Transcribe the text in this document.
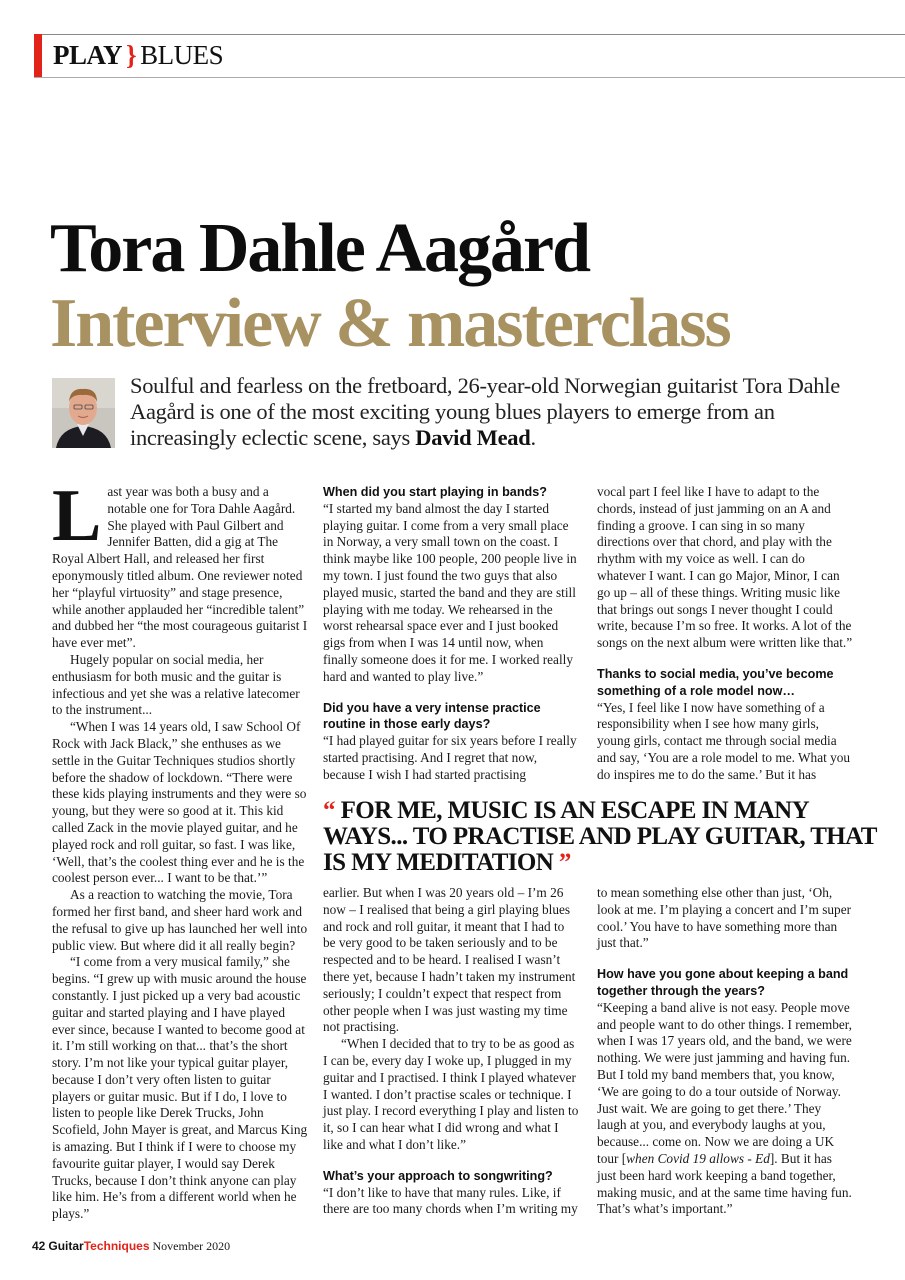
PLAY } BLUES
Tora Dahle Aagård
Interview & masterclass
Soulful and fearless on the fretboard, 26-year-old Norwegian guitarist Tora Dahle Aagård is one of the most exciting young blues players to emerge from an increasingly eclectic scene, says David Mead.

Last year was both a busy and a notable one for Tora Dahle Aagård. She played with Paul Gilbert and Jennifer Batten, did a gig at The Royal Albert Hall, and released her first eponymously titled album. One reviewer noted her “playful virtuosity” and stage presence, while another applauded her “incredible talent” and dubbed her “the most courageous guitarist I have ever met”.

Hugely popular on social media, her enthusiasm for both music and the guitar is infectious and yet she was a relative latecomer to the instrument...

“When I was 14 years old, I saw School Of Rock with Jack Black,” she enthuses as we settle in the Guitar Techniques studios shortly before the shadow of lockdown. “There were these kids playing instruments and they were so young, but they were so good at it. This kid called Zack in the movie played guitar, and he played rock and roll guitar, so fast. I was like, ‘Well, that’s the coolest thing ever and he is the coolest person ever... I want to be that.’”

As a reaction to watching the movie, Tora formed her first band, and sheer hard work and the refusal to give up has launched her well into public view. But where did it all really begin?

“I come from a very musical family,” she begins. “I grew up with music around the house constantly. I just picked up a very bad acoustic guitar and started playing and I have played ever since, because I wanted to become good at it. I’m still working on that... that’s the short story. I’m not like your typical guitar player, because I don’t very often listen to guitar players or guitar music. But if I do, I love to listen to people like Derek Trucks, John Scofield, John Mayer is great, and Marcus King is amazing. But I think if I were to choose my favourite guitar player, I would say Derek Trucks, because I don’t think anyone can play like him. He’s from a different world when he plays.”

When did you start playing in bands?

“I started my band almost the day I started playing guitar. I come from a very small place in Norway, a very small town on the coast. I think maybe like 100 people, 200 people live in my town. I just found the two guys that also played music, started the band and they are still playing with me today. We rehearsed in the worst rehearsal space ever and I just booked gigs from when I was 14 until now, when finally someone does it for me. I worked really hard and wanted to play live.”

Did you have a very intense practice routine in those early days?

“I had played guitar for six years before I really started practising. And I regret that now, because I wish I had started practising

vocal part I feel like I have to adapt to the chords, instead of just jamming on an A and finding a groove. I can sing in so many directions over that chord, and play with the rhythm with my voice as well. I can do whatever I want. I can go Major, Minor, I can go up – all of these things. Writing music like that brings out songs I never thought I could write, because I’m so free. It works. A lot of the songs on the next album were written like that.”

Thanks to social media, you’ve become something of a role model now…

“Yes, I feel like I now have something of a responsibility when I see how many girls, young girls, contact me through social media and say, ‘You are a role model to me. What you do inspires me to do the same.’ But it has

“ FOR ME, MUSIC IS AN ESCAPE IN MANY WAYS... TO PRACTISE AND PLAY GUITAR, THAT IS MY MEDITATION ”

earlier. But when I was 20 years old – I’m 26 now – I realised that being a girl playing blues and rock and roll guitar, it meant that I had to be very good to be taken seriously and to be respected and to be heard. I realised I wasn’t there yet, because I hadn’t taken my instrument seriously; I couldn’t expect that respect from other people when I was just wasting my time not practising.

“When I decided that to try to be as good as I can be, every day I woke up, I plugged in my guitar and I practised. I think I played whatever I wanted. I don’t practise scales or technique. I just play. I record everything I play and listen to it, so I can hear what I did wrong and what I like and what I don’t like.”

What’s your approach to songwriting?

“I don’t like to have that many rules. Like, if there are too many chords when I’m writing my

to mean something else other than just, ‘Oh, look at me. I’m playing a concert and I’m super cool.’ You have to have something more than just that.”

How have you gone about keeping a band together through the years?

“Keeping a band alive is not easy. People move and people want to do other things. I remember, when I was 17 years old, and the band, we were nothing. We were just jamming and having fun. But I told my band members that, you know, ‘We are going to do a tour outside of Norway. Just wait. We are going to get there.’ They laugh at you, and everybody laughs at you, because... come on. Now we are doing a UK tour [when Covid 19 allows - Ed]. But it has just been hard work keeping a band together, making music, and at the same time having fun. That’s what’s important.”

42 GuitarTechniques November 2020
